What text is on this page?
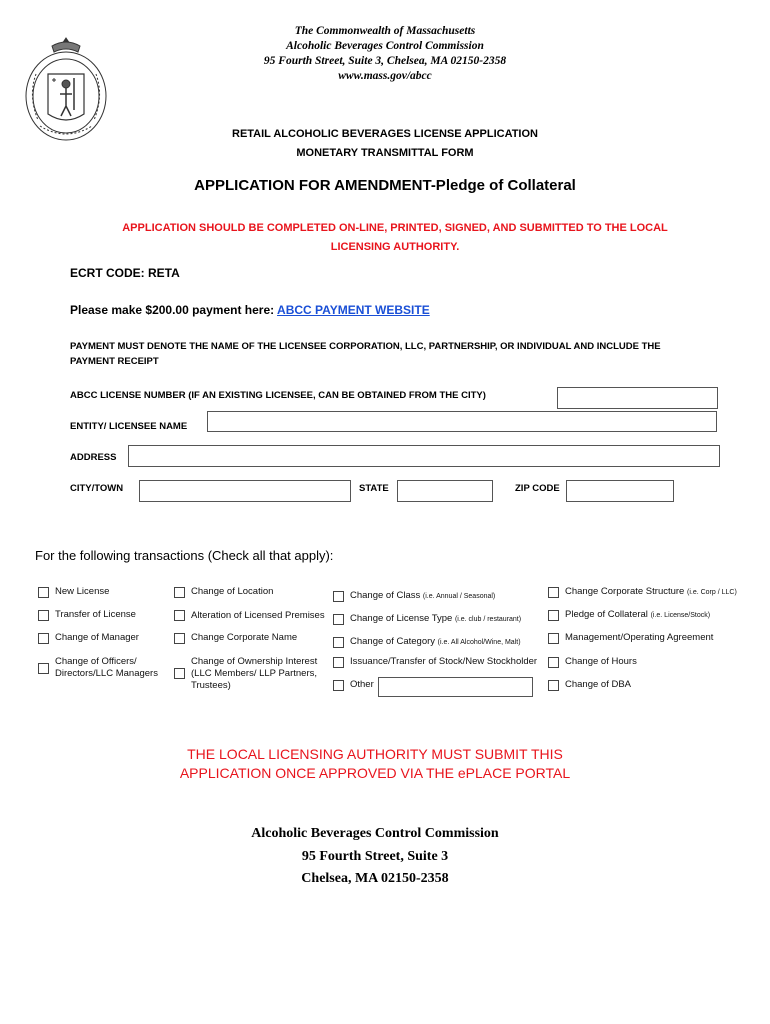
The Commonwealth of Massachusetts
Alcoholic Beverages Control Commission
95 Fourth Street, Suite 3, Chelsea, MA 02150-2358
www.mass.gov/abcc
RETAIL ALCOHOLIC BEVERAGES LICENSE APPLICATION
MONETARY TRANSMITTAL FORM
APPLICATION FOR AMENDMENT-Pledge of Collateral
APPLICATION SHOULD BE COMPLETED ON-LINE, PRINTED, SIGNED, AND SUBMITTED TO THE LOCAL
LICENSING AUTHORITY.
ECRT CODE: RETA
Please make $200.00 payment here: ABCC PAYMENT WEBSITE
PAYMENT MUST DENOTE THE NAME OF THE LICENSEE CORPORATION, LLC, PARTNERSHIP, OR INDIVIDUAL AND INCLUDE THE
PAYMENT RECEIPT
ABCC LICENSE NUMBER (IF AN EXISTING LICENSEE, CAN BE OBTAINED FROM THE CITY)
ENTITY/ LICENSEE NAME
ADDRESS
CITY/TOWN	STATE	ZIP CODE
For the following transactions (Check all that apply):
New License
Transfer of License
Change of Manager
Change of Officers/
Directors/LLC Managers
Change of Location
Alteration of Licensed Premises
Change Corporate Name
Change of Ownership Interest
(LLC Members/ LLP Partners,
Trustees)
Change of Class (i.e. Annual / Seasonal)
Change of License Type (i.e. club / restaurant)
Change of Category (i.e. All Alcohol/Wine, Malt)
Issuance/Transfer of Stock/New Stockholder
Other
Change Corporate Structure (i.e. Corp / LLC)
Pledge of Collateral (i.e. License/Stock)
Management/Operating Agreement
Change of Hours
Change of DBA
THE LOCAL LICENSING AUTHORITY MUST SUBMIT THIS
APPLICATION ONCE APPROVED VIA THE ePLACE PORTAL
Alcoholic Beverages Control Commission
95 Fourth Street, Suite 3
Chelsea, MA 02150-2358
